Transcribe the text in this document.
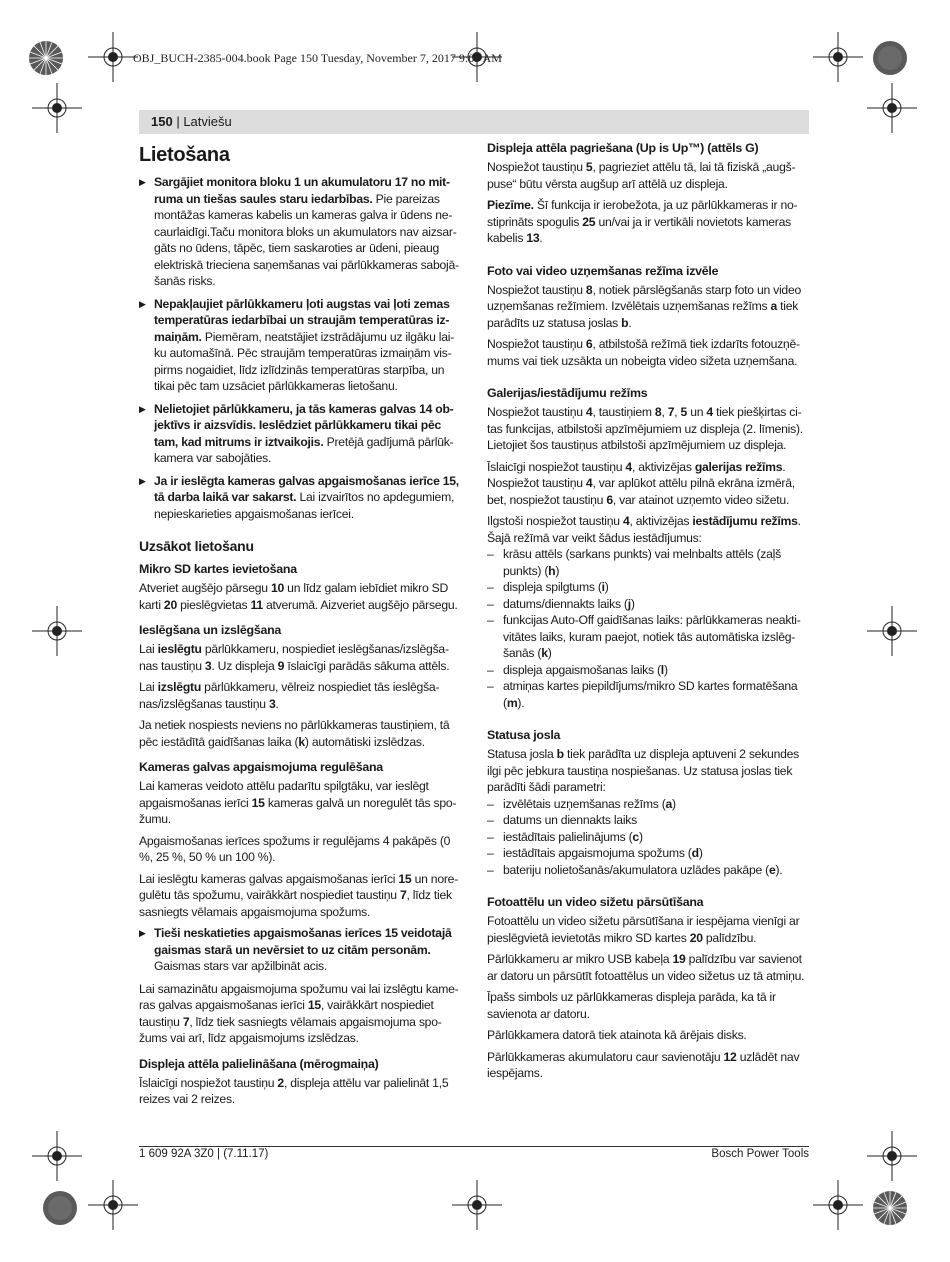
OBJ_BUCH-2385-004.book Page 150 Tuesday, November 7, 2017 9:09 AM
150 | Latviešu
Lietošana
▶ Sargājiet monitora bloku 1 un akumulatoru 17 no mitruma un tiešas saules staru iedarbības. Pie pareizas montāžas kameras kabelis un kameras galva ir ūdens necaurlaidīgi.Taču monitora bloks un akumulators nav aizsargāts no ūdens, tāpēc, tiem saskaroties ar ūdeni, pieaug elektriskā trieciena saņemšanas vai pārlūkkameras sabojāšanās risks.
▶ Nepakļaujiet pārlūkkameru ļoti augstas vai ļoti zemas temperatūras iedarbībai un straujām temperatūras izmaiņām. Piemēram, neatstājiet izstrādājumu uz ilgāku laiku automašīnā. Pēc straujām temperatūras izmaiņām vispirms nogaidiet, līdz izlīdzinās temperatūras starpība, un tikai pēc tam uzsāciet pārlūkkameras lietošanu.
▶ Nelietojiet pārlūkkameru, ja tās kameras galvas 14 objektīvs ir aizsvīdis. Ieslēdziet pārlūkkameru tikai pēc tam, kad mitrums ir iztvaikojis. Pretējā gadījumā pārlūkkamera var sabojāties.
▶ Ja ir ieslēgta kameras galvas apgaismošanas ierīce 15, tā darba laikā var sakarst. Lai izvairītos no apdegumiem, nepieskarieties apgaismošanas ierīcei.
Uzsākot lietošanu
Mikro SD kartes ievietošana

Atveriet augšējo pārsegu 10 un līdz galam iebīdiet mikro SD karti 20 pieslēgvietas 11 atverumā. Aizveriet augšējo pārsegu.

Ieslēgšana un izslēgšana

Lai ieslēgtu pārlūkkameru, nospiediet ieslēgšanas/izslēgšanas taustiņu 3. Uz displeja 9 īslaicīgi parādās sākuma attēls.

Lai izslēgtu pārlūkkameru, vēlreiz nospiediet tās ieslēgšanas/izslēgšanas taustiņu 3.

Ja netiek nospiests neviens no pārlūkkameras taustiņiem, tā pēc iestādītā gaidīšanas laika (k) automātiski izslēdzas.

Kameras galvas apgaismojuma regulēšana

Lai kameras veidoto attēlu padarītu spilgtāku, var ieslēgt apgaismošanas ierīci 15 kameras galvā un noregulēt tās spožumu.

Apgaismošanas ierīces spožums ir regulējams 4 pakāpēs (0 %, 25 %, 50 % un 100 %).

Lai ieslēgtu kameras galvas apgaismošanas ierīci 15 un noregulētu tās spožumu, vairākkārt nospiediet taustiņu 7, līdz tiek sasniegts vēlamais apgaismojuma spožums.

▶ Tieši neskatieties apgaismošanas ierīces 15 veidotajā gaismas starā un nevērsiet to uz citām personām. Gaismas stars var apžilbināt acis.

Lai samazinātu apgaismojuma spožumu vai lai izslēgtu kameras galvas apgaismošanas ierīci 15, vairākkārt nospiediet taustiņu 7, līdz tiek sasniegts vēlamais apgaismojuma spožums vai arī, līdz apgaismojums izslēdzas.

Displeja attēla palielināšana (mērogmaiņa)

Īslaicīgi nospiežot taustiņu 2, displeja attēlu var palielināt 1,5 reizes vai 2 reizes.

Displeja attēla pagriešana (Up is Up™) (attēls G)

Nospiežot taustiņu 5, pagrieziet attēlu tā, lai tā fiziskā „augšpuse“ būtu vērsta augšup arī attēlā uz displeja.

Piezīme. Šī funkcija ir ierobežota, ja uz pārlūkkameras ir nostiprināts spogulis 25 un/vai ja ir vertikāli novietots kameras kabelis 13.

Foto vai video uzņemšanas režīma izvēle

Nospiežot taustiņu 8, notiek pārslēgšanās starp foto un video uzņemšanas režīmiem. Izvēlētais uzņemšanas režīms a tiek parādīts uz statusa joslas b.

Nospiežot taustiņu 6, atbilstošā režīmā tiek izdarīts fotouzņēmums vai tiek uzsākta un nobeigta video sižeta uzņemšana.

Galerijas/iestādījumu režīms

Nospiežot taustiņu 4, taustiņiem 8, 7, 5 un 4 tiek piešķirtas citas funkcijas, atbilstoši apzīmējumiem uz displeja (2. līmenis). Lietojiet šos taustiņus atbilstoši apzīmējumiem uz displeja.

Īslaicīgi nospiežot taustiņu 4, aktivizējas galerijas režīms. Nospiežot taustiņu 4, var aplūkot attēlu pilnā ekrāna izmērā, bet, nospiežot taustiņu 6, var atainot uzņemto video sižetu.

Ilgstoši nospiežot taustiņu 4, aktivizējas iestādījumu režīms. Šajā režīmā var veikt šādus iestādījumus:

– krāsu attēls (sarkans punkts) vai melnbalts attēls (zaļš punkts) (h)
– displeja spilgtums (i)
– datums/diennakts laiks (j)
– funkcijas Auto-Off gaidīšanas laiks: pārlūkkameras neaktivitātes laiks, kuram paejot, notiek tās automātiska izslēgšanās (k)
– displeja apgaismošanas laiks (l)
– atmiņas kartes piepildījums/mikro SD kartes formatēšana (m).
Statusa josla

Statusa josla b tiek parādīta uz displeja aptuveni 2 sekundes ilgi pēc jebkura taustiņa nospiešanas. Uz statusa joslas tiek parādīti šādi parametri:

– izvēlētais uzņemšanas režīms (a)
– datums un diennakts laiks
– iestādītais palielinājums (c)
– iestādītais apgaismojuma spožums (d)
– bateriju nolietošanās/akumulatora uzlādes pakāpe (e).
Fotoattēlu un video sižetu pārsūtīšana

Fotoattēlu un video sižetu pārsūtīšana ir iespējama vienīgi ar pieslēgvietā ievietotās mikro SD kartes 20 palīdzību.

Pārlūkkameru ar mikro USB kabeļa 19 palīdzību var savienot ar datoru un pārsūtīt fotoattēlus un video sižetus uz tā atmiņu.

Īpašs simbols uz pārlūkkameras displeja parāda, ka tā ir savienota ar datoru.

Pārlūkkamera datorā tiek atainota kā ārējais disks.

Pārlūkkameras akumulatoru caur savienotāju 12 uzlādēt nav iespējams.

1 609 92A 3Z0 | (7.11.17)	Bosch Power Tools
